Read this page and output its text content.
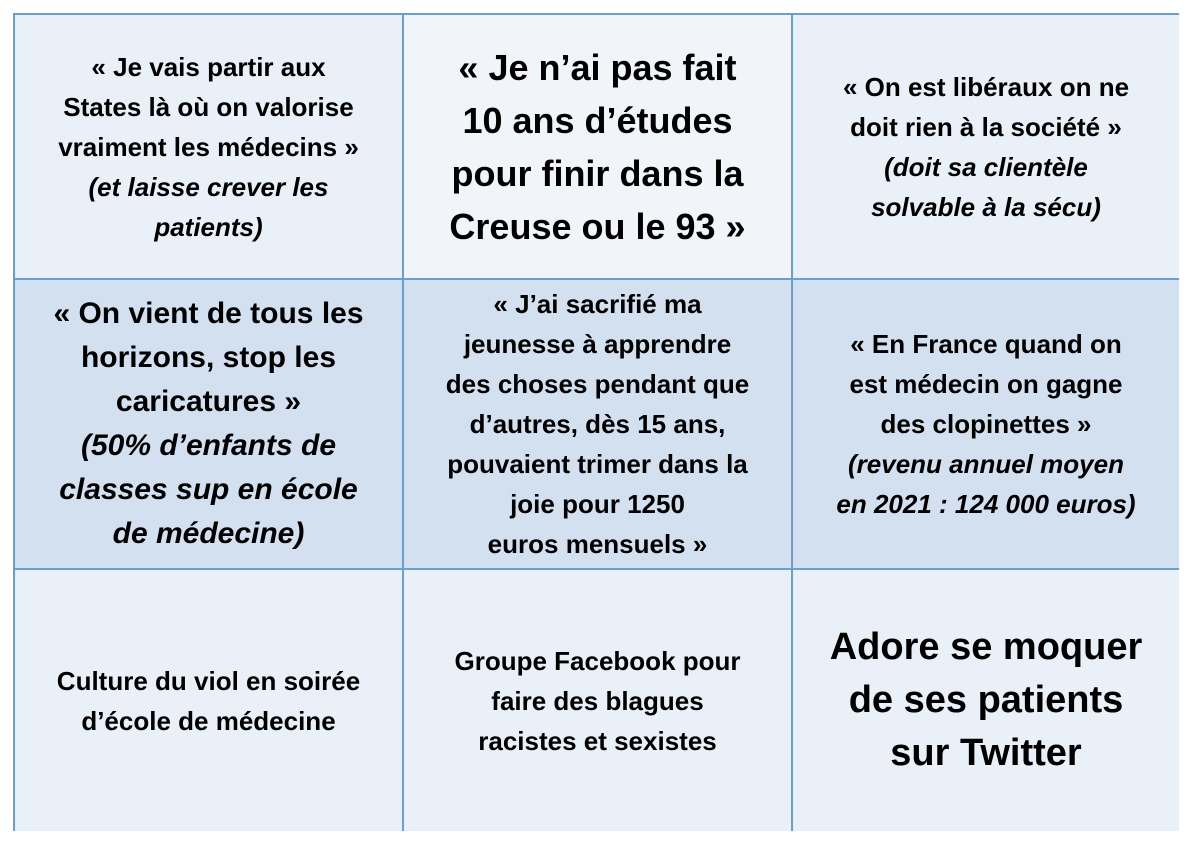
« Je vais partir aux
States là où on valorise
vraiment les médecins »
(et laisse crever les
patients)
« Je n’ai pas fait
10 ans d’études
pour finir dans la
Creuse ou le 93 »
« On est libéraux on ne
doit rien à la société »
(doit sa clientèle
solvable à la sécu)
« On vient de tous les
horizons, stop les
caricatures »
(50% d’enfants de
classes sup en école
de médecine)
« J’ai sacrifié ma
jeunesse à apprendre
des choses pendant que
d’autres, dès 15 ans,
pouvaient trimer dans la
joie pour 1250
euros mensuels »
« En France quand on
est médecin on gagne
des clopinettes »
(revenu annuel moyen
en 2021 : 124 000 euros)
Culture du viol en soirée
d’école de médecine
Groupe Facebook pour
faire des blagues
racistes et sexistes
Adore se moquer
de ses patients
sur Twitter
